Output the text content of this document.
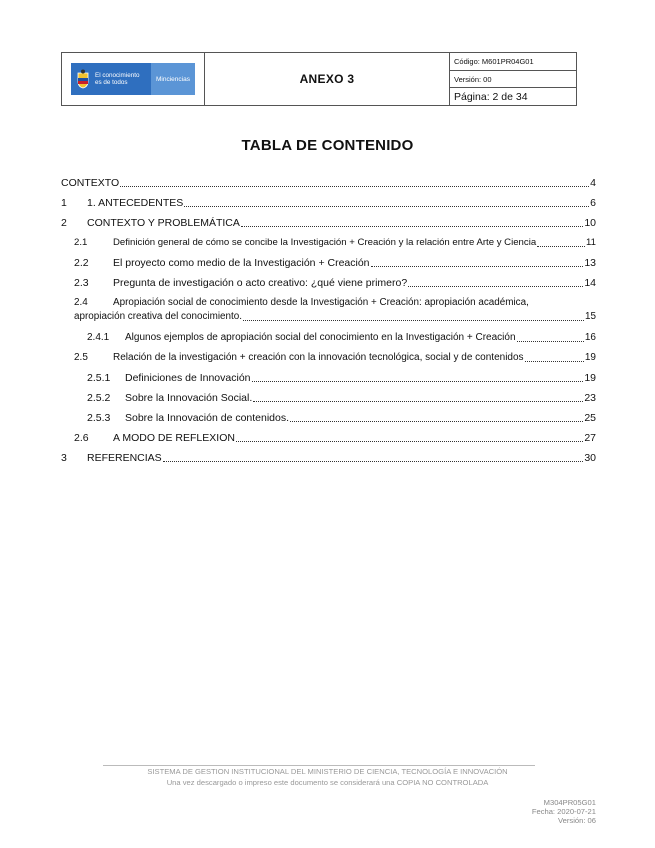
El conocimiento
es de todos	Minciencias	ANEXO 3
Código: M601PR04G01
Versión: 00
Página: 2 de 34
TABLA DE CONTENIDO
CONTEXTO	4
1	1. ANTECEDENTES	6
2	CONTEXTO Y PROBLEMÁTICA	10
2.1	Definición general de cómo se concibe la Investigación + Creación y la relación entre Arte y Ciencia	11
2.2	El proyecto como medio de la Investigación + Creación	13
2.3	Pregunta de investigación o acto creativo: ¿qué viene primero?	14
2.4	Apropiación social de conocimiento desde la Investigación + Creación: apropiación académica,
apropiación creativa del conocimiento.	15
2.4.1	Algunos ejemplos de apropiación social del conocimiento en la Investigación + Creación	16
2.5	Relación de la investigación + creación con la innovación tecnológica, social y de contenidos	19
2.5.1	Definiciones de Innovación	19
2.5.2	Sobre la Innovación Social.	23
2.5.3	Sobre la Innovación de contenidos.	25
2.6	A MODO DE REFLEXION	27
3	REFERENCIAS	30
SISTEMA DE GESTION INSTITUCIONAL DEL MINISTERIO DE CIENCIA, TECNOLOGÍA E INNOVACIÓN
Una vez descargado o impreso este documento se considerará una COPIA NO CONTROLADA
M304PR05G01
Fecha: 2020-07-21
Versión: 06
